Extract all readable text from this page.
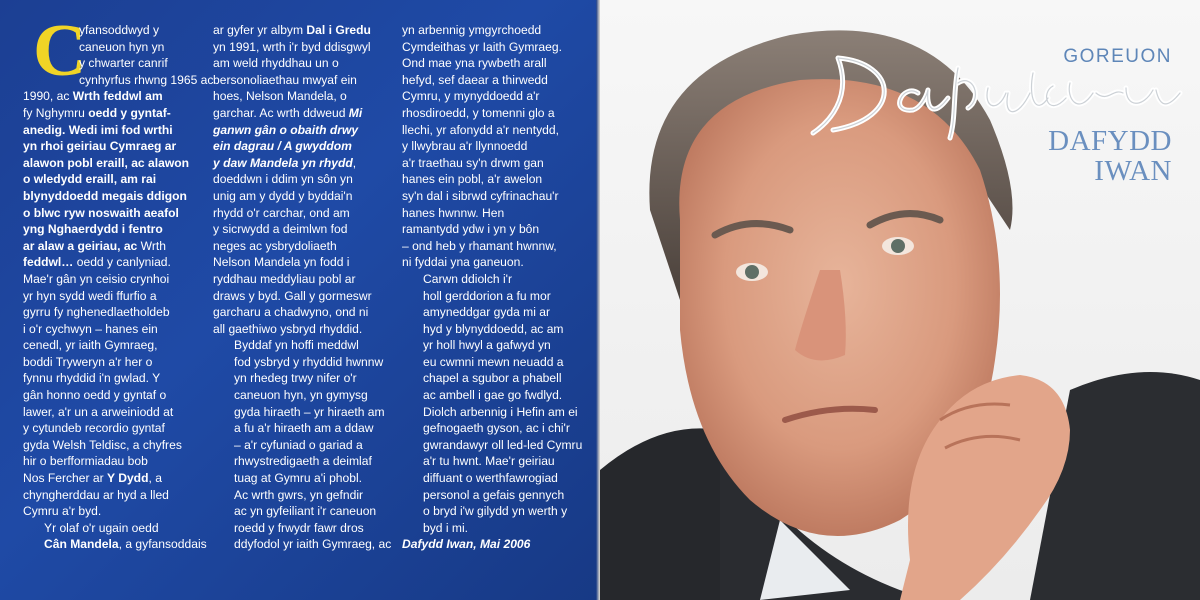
C

yfansoddwyd y
caneuon hyn yn
y chwarter canrif
cynhyrfus rhwng 1965 ac
1990, ac Wrth feddwl am
fy Nghymru oedd y gyntaf-
anedig. Wedi imi fod wrthi
yn rhoi geiriau Cymraeg ar
alawon pobl eraill, ac alawon
o wledydd eraill, am rai
blynyddoedd megais ddigon
o blwc ryw noswaith aeafol
yng Nghaerdydd i fentro
ar alaw a geiriau, ac Wrth
feddwl… oedd y canlyniad.
Mae'r gân yn ceisio crynhoi
yr hyn sydd wedi ffurfio a
gyrru fy nghenedlaetholdeb
i o'r cychwyn – hanes ein
cenedl, yr iaith Gymraeg,
boddi Tryweryn a'r her o
fynnu rhyddid i'n gwlad. Y
gân honno oedd y gyntaf o
lawer, a'r un a arweiniodd at
y cytundeb recordio gyntaf
gyda Welsh Teldisc, a chyfres
hir o berfformiadau bob
Nos Fercher ar Y Dydd, a
chyngherddau ar hyd a lled
Cymru a'r byd.

Yr olaf o'r ugain oedd
Cân Mandela, a gyfansoddais

ar gyfer yr albym Dal i Gredu
yn 1991, wrth i'r byd ddisgwyl
am weld rhyddhau un o
bersonoliaethau mwyaf ein
hoes, Nelson Mandela, o
garchar. Ac wrth ddweud Mi
ganwn gân o obaith drwy
ein dagrau / A gwyddom
y daw Mandela yn rhydd,
doeddwn i ddim yn sôn yn
unig am y dydd y byddai'n
rhydd o'r carchar, ond am
y sicrwydd a deimlwn fod
neges ac ysbrydoliaeth
Nelson Mandela yn fodd i
ryddhau meddyliau pobl ar
draws y byd. Gall y gormeswr
garcharu a chadwyno, ond ni
all gaethiwo ysbryd rhyddid.

Byddaf yn hoffi meddwl
fod ysbryd y rhyddid hwnnw
yn rhedeg trwy nifer o'r
caneuon hyn, yn gymysg
gyda hiraeth – yr hiraeth am
a fu a'r hiraeth am a ddaw
– a'r cyfuniad o gariad a
rhwystredigaeth a deimlaf
tuag at Gymru a'i phobl.
Ac wrth gwrs, yn gefndir
ac yn gyfeiliant i'r caneuon
roedd y frwydr fawr dros
ddyfodol yr iaith Gymraeg, ac

yn arbennig ymgyrchoedd
Cymdeithas yr Iaith Gymraeg.
Ond mae yna rywbeth arall
hefyd, sef daear a thirwedd
Cymru, y mynyddoedd a'r
rhosdiroedd, y tomenni glo a
llechi, yr afonydd a'r nentydd,
y llwybrau a'r llynnoedd
a'r traethau sy'n drwm gan
hanes ein pobl, a'r awelon
sy'n dal i sibrwd cyfrinachau'r
hanes hwnnw. Hen
ramantydd ydw i yn y bôn
– ond heb y rhamant hwnnw,
ni fyddai yna ganeuon.

Carwn ddiolch i'r
holl gerddorion a fu mor
amyneddgar gyda mi ar
hyd y blynyddoedd, ac am
yr holl hwyl a gafwyd yn
eu cwmni mewn neuadd a
chapel a sgubor a phabell
ac ambell i gae go fwdlyd.
Diolch arbennig i Hefin am ei
gefnogaeth gyson, ac i chi'r
gwrandawyr oll led-led Cymru
a'r tu hwnt. Mae'r geiriau
diffuant o werthfawrogiad
personol a gefais gennych
o bryd i'w gilydd yn werth y
byd i mi.

Dafydd Iwan, Mai 2006

GOREUON
DAFYDD
IWAN
